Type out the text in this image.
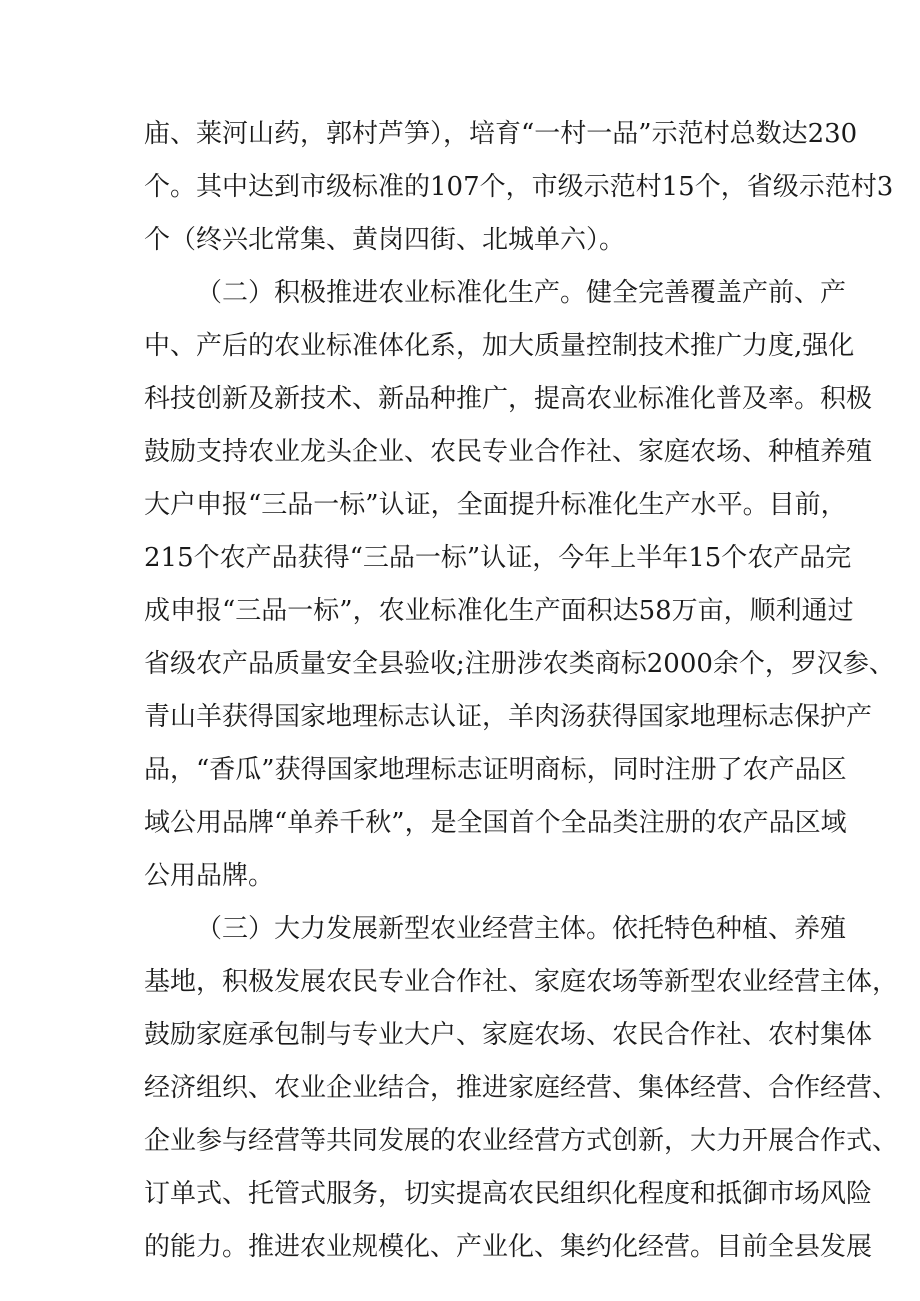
庙、莱河山药，郭村芦笋），培育“一村一品”示范村总数达230
个。其中达到市级标准的107个，市级示范村15个，省级示范村3
个（终兴北常集、黄岗四街、北城单六）。
（二）积极推进农业标准化生产。健全完善覆盖产前、产
中、产后的农业标准体化系，加大质量控制技术推广力度,强化
科技创新及新技术、新品种推广，提高农业标准化普及率。积极
鼓励支持农业龙头企业、农民专业合作社、家庭农场、种植养殖
大户申报“三品一标”认证，全面提升标准化生产水平。目前，
215个农产品获得“三品一标”认证，今年上半年15个农产品完
成申报“三品一标”，农业标准化生产面积达58万亩，顺利通过
省级农产品质量安全县验收;注册涉农类商标2000余个，罗汉参、
青山羊获得国家地理标志认证，羊肉汤获得国家地理标志保护产
品，“香瓜”获得国家地理标志证明商标，同时注册了农产品区
域公用品牌“单养千秋”，是全国首个全品类注册的农产品区域
公用品牌。
（三）大力发展新型农业经营主体。依托特色种植、养殖
基地，积极发展农民专业合作社、家庭农场等新型农业经营主体，
鼓励家庭承包制与专业大户、家庭农场、农民合作社、农村集体
经济组织、农业企业结合，推进家庭经营、集体经营、合作经营、
企业参与经营等共同发展的农业经营方式创新，大力开展合作式、
订单式、托管式服务，切实提高农民组织化程度和抵御市场风险
的能力。推进农业规模化、产业化、集约化经营。目前全县发展
